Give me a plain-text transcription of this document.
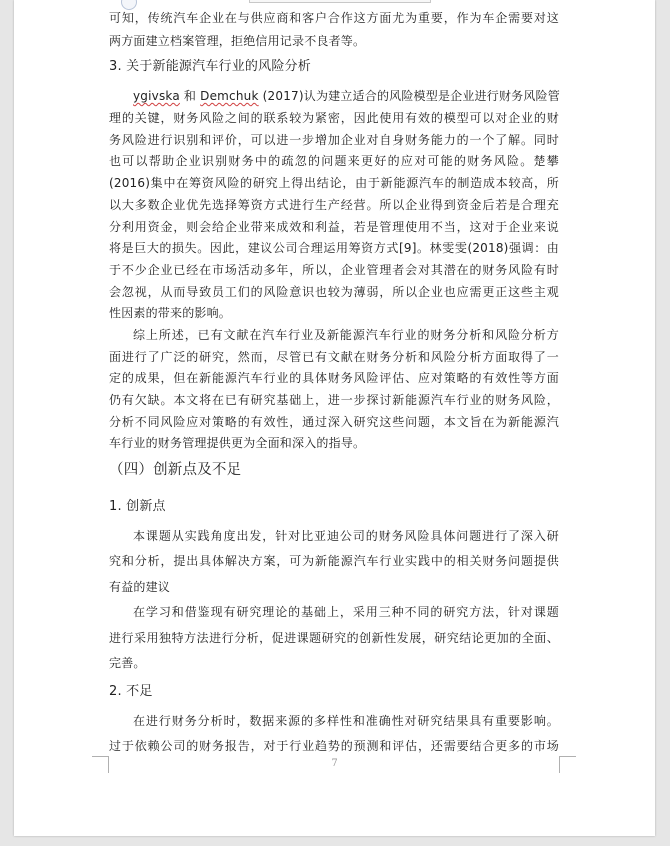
可知，传统汽车企业在与供应商和客户合作这方面尤为重要，作为车企需要对这
两方面建立档案管理，拒绝信用记录不良者等。
3. 关于新能源汽车行业的风险分析
ygivska 和 Demchuk (2017)认为建立适合的风险模型是企业进行财务风险管
理的关键，财务风险之间的联系较为紧密，因此使用有效的模型可以对企业的财
务风险进行识别和评价，可以进一步增加企业对自身财务能力的一个了解。同时
也可以帮助企业识别财务中的疏忽的问题来更好的应对可能的财务风险。楚攀
(2016)集中在筹资风险的研究上得出结论，由于新能源汽车的制造成本较高，所
以大多数企业优先选择筹资方式进行生产经营。所以企业得到资金后若是合理充
分利用资金，则会给企业带来成效和利益，若是管理使用不当，这对于企业来说
将是巨大的损失。因此，建议公司合理运用筹资方式[9]。林雯雯(2018)强调：由
于不少企业已经在市场活动多年，所以，企业管理者会对其潜在的财务风险有时
会忽视，从而导致员工们的风险意识也较为薄弱，所以企业也应需更正这些主观
性因素的带来的影响。
综上所述，已有文献在汽车行业及新能源汽车行业的财务分析和风险分析方
面进行了广泛的研究，然而，尽管已有文献在财务分析和风险分析方面取得了一
定的成果，但在新能源汽车行业的具体财务风险评估、应对策略的有效性等方面
仍有欠缺。本文将在已有研究基础上，进一步探讨新能源汽车行业的财务风险，
分析不同风险应对策略的有效性，通过深入研究这些问题，本文旨在为新能源汽
车行业的财务管理提供更为全面和深入的指导。
（四）创新点及不足
1. 创新点
本课题从实践角度出发，针对比亚迪公司的财务风险具体问题进行了深入研
究和分析，提出具体解决方案，可为新能源汽车行业实践中的相关财务问题提供
有益的建议
在学习和借鉴现有研究理论的基础上，采用三种不同的研究方法，针对课题
进行采用独特方法进行分析，促进课题研究的创新性发展，研究结论更加的全面、
完善。
2. 不足
在进行财务分析时，数据来源的多样性和准确性对研究结果具有重要影响。
过于依赖公司的财务报告，对于行业趋势的预测和评估，还需要结合更多的市场
7
